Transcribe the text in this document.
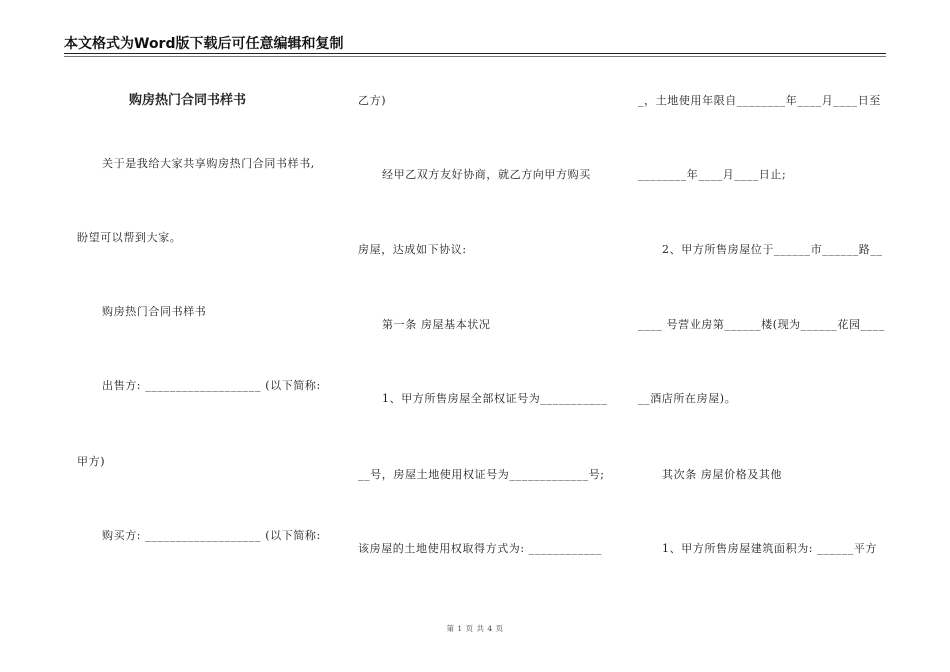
本文格式为Word版下载后可任意编辑和复制
购房热门合同书样书
关于是我给大家共享购房热门合同书样书,
盼望可以帮到大家。
购房热门合同书样书
出售方: ___________________ (以下简称:
甲方)
购买方: ___________________ (以下简称:
乙方)
经甲乙双方友好协商，就乙方向甲方购买
房屋，达成如下协议:
第一条 房屋基本状况
1、甲方所售房屋全部权证号为___________
__号，房屋土地使用权证号为_____________号;
该房屋的土地使用权取得方式为: ____________
_，土地使用年限自________年____月____日至
________年____月____日止;
2、甲方所售房屋位于______市______路__
____ 号营业房第______楼(现为______花园____
__酒店所在房屋)。
其次条 房屋价格及其他
1、甲方所售房屋建筑面积为: ______平方
第 1 页 共 4 页
